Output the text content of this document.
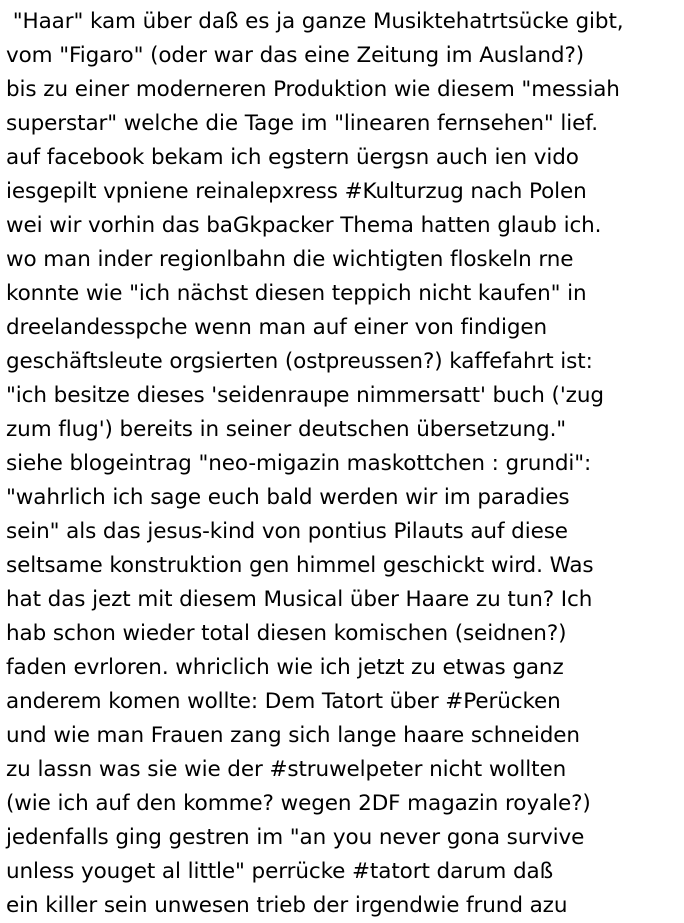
"Haar" kam über daß es ja ganze Musiktehatrtsücke gibt,
vom "Figaro" (oder war das eine Zeitung im Ausland?)
bis zu einer moderneren Produktion wie diesem "messiah
superstar" welche die Tage im "linearen fernsehen" lief.
auf facebook bekam ich egstern üergsn auch ien vido
iesgepilt vpniene reinalepxress #Kulturzug nach Polen
wei wir vorhin das baGkpacker Thema hatten glaub ich.
wo man inder regionlbahn die wichtigten floskeln rne
konnte wie "ich nächst diesen teppich nicht kaufen" in
dreelandesspche wenn man auf einer von findigen
geschäftsleute orgsierten (ostpreussen?) kaffefahrt ist:
"ich besitze dieses 'seidenraupe nimmersatt' buch ('zug
zum flug') bereits in seiner deutschen übersetzung."
siehe blogeintrag "neo-migazin maskottchen : grundi":
"wahrlich ich sage euch bald werden wir im paradies
sein" als das jesus-kind von pontius Pilauts auf diese
seltsame konstruktion gen himmel geschickt wird. Was
hat das jezt mit diesem Musical über Haare zu tun? Ich
hab schon wieder total diesen komischen (seidnen?)
faden evrloren. whriclich wie ich jetzt zu etwas ganz
anderem komen wollte: Dem Tatort über #Perücken
und wie man Frauen zang sich lange haare schneiden
zu lassn was sie wie der #struwelpeter nicht wollten
(wie ich auf den komme? wegen 2DF magazin royale?)
jedenfalls ging gestren im "an you never gona survive
unless youget al little" perrücke #tatort darum daß
ein killer sein unwesen trieb der irgendwie frund azu
